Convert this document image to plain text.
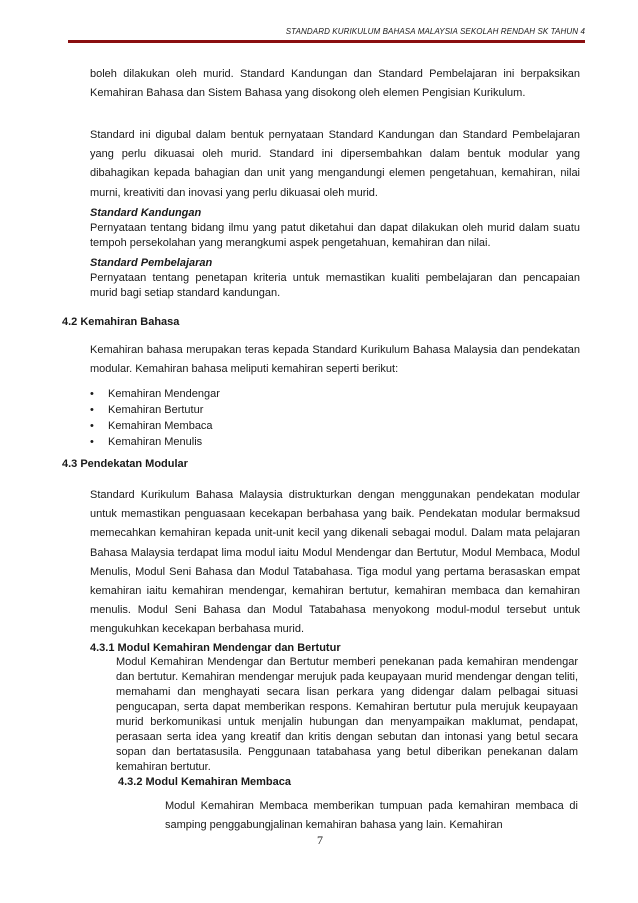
STANDARD KURIKULUM BAHASA MALAYSIA SEKOLAH RENDAH SK TAHUN 4
boleh dilakukan oleh murid. Standard Kandungan dan Standard Pembelajaran ini berpaksikan Kemahiran Bahasa dan Sistem Bahasa yang disokong oleh elemen Pengisian Kurikulum.
Standard ini digubal dalam bentuk pernyataan Standard Kandungan dan Standard Pembelajaran yang perlu dikuasai oleh murid. Standard ini dipersembahkan dalam bentuk modular yang dibahagikan kepada bahagian dan unit yang mengandungi elemen pengetahuan, kemahiran, nilai murni, kreativiti dan inovasi yang perlu dikuasai oleh murid.
Standard Kandungan
Pernyataan tentang bidang ilmu yang patut diketahui dan dapat dilakukan oleh murid dalam suatu tempoh persekolahan yang merangkumi aspek pengetahuan, kemahiran dan nilai.
Standard Pembelajaran
Pernyataan tentang penetapan kriteria untuk memastikan kualiti pembelajaran dan pencapaian murid bagi setiap standard kandungan.
4.2 Kemahiran Bahasa
Kemahiran bahasa merupakan teras kepada Standard Kurikulum Bahasa Malaysia dan pendekatan modular. Kemahiran bahasa meliputi kemahiran seperti berikut:
• Kemahiran Mendengar
• Kemahiran Bertutur
• Kemahiran Membaca
• Kemahiran Menulis
4.3 Pendekatan Modular
Standard Kurikulum Bahasa Malaysia distrukturkan dengan menggunakan pendekatan modular untuk memastikan penguasaan kecekapan berbahasa yang baik. Pendekatan modular bermaksud memecahkan kemahiran kepada unit-unit kecil yang dikenali sebagai modul. Dalam mata pelajaran Bahasa Malaysia terdapat lima modul iaitu Modul Mendengar dan Bertutur, Modul Membaca, Modul Menulis, Modul Seni Bahasa dan Modul Tatabahasa. Tiga modul yang pertama berasaskan empat kemahiran iaitu kemahiran mendengar, kemahiran bertutur, kemahiran membaca dan kemahiran menulis. Modul Seni Bahasa dan Modul Tatabahasa menyokong modul-modul tersebut untuk mengukuhkan kecekapan berbahasa murid.
4.3.1 Modul Kemahiran Mendengar dan Bertutur
Modul Kemahiran Mendengar dan Bertutur memberi penekanan pada kemahiran mendengar dan bertutur. Kemahiran mendengar merujuk pada keupayaan murid mendengar dengan teliti, memahami dan menghayati secara lisan perkara yang didengar dalam pelbagai situasi pengucapan, serta dapat memberikan respons. Kemahiran bertutur pula merujuk keupayaan murid berkomunikasi untuk menjalin hubungan dan menyampaikan maklumat, pendapat, perasaan serta idea yang kreatif dan kritis dengan sebutan dan intonasi yang betul secara sopan dan bertatasusila. Penggunaan tatabahasa yang betul diberikan penekanan dalam kemahiran bertutur.
4.3.2 Modul Kemahiran Membaca
Modul Kemahiran Membaca memberikan tumpuan pada kemahiran membaca di samping penggabungjalinan kemahiran bahasa yang lain. Kemahiran
7
